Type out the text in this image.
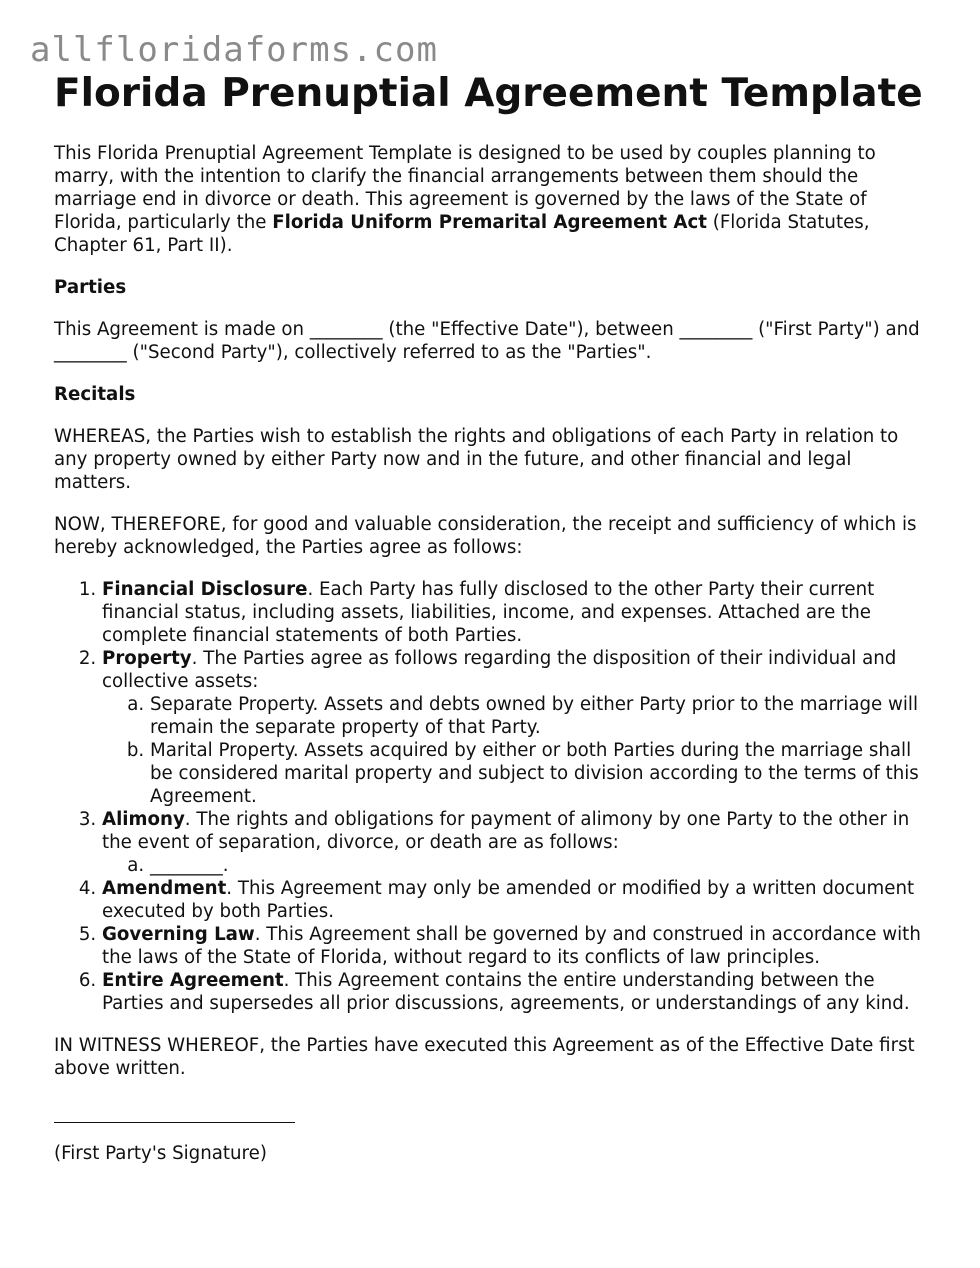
allfloridaforms.com
Florida Prenuptial Agreement Template

This Florida Prenuptial Agreement Template is designed to be used by couples planning to marry, with the intention to clarify the financial arrangements between them should the marriage end in divorce or death. This agreement is governed by the laws of the State of Florida, particularly the Florida Uniform Premarital Agreement Act (Florida Statutes, Chapter 61, Part II).

Parties

This Agreement is made on ________ (the "Effective Date"), between ________ ("First Party") and ________ ("Second Party"), collectively referred to as the "Parties".

Recitals

WHEREAS, the Parties wish to establish the rights and obligations of each Party in relation to any property owned by either Party now and in the future, and other financial and legal matters.

NOW, THEREFORE, for good and valuable consideration, the receipt and sufficiency of which is hereby acknowledged, the Parties agree as follows:

1. Financial Disclosure. Each Party has fully disclosed to the other Party their current financial status, including assets, liabilities, income, and expenses. Attached are the complete financial statements of both Parties.
2. Property. The Parties agree as follows regarding the disposition of their individual and collective assets:
a. Separate Property. Assets and debts owned by either Party prior to the marriage will remain the separate property of that Party.
b. Marital Property. Assets acquired by either or both Parties during the marriage shall be considered marital property and subject to division according to the terms of this Agreement.
3. Alimony. The rights and obligations for payment of alimony by one Party to the other in the event of separation, divorce, or death are as follows:
a. ________.
4. Amendment. This Agreement may only be amended or modified by a written document executed by both Parties.
5. Governing Law. This Agreement shall be governed by and construed in accordance with the laws of the State of Florida, without regard to its conflicts of law principles.
6. Entire Agreement. This Agreement contains the entire understanding between the Parties and supersedes all prior discussions, agreements, or understandings of any kind.

IN WITNESS WHEREOF, the Parties have executed this Agreement as of the Effective Date first above written.

(First Party's Signature)
